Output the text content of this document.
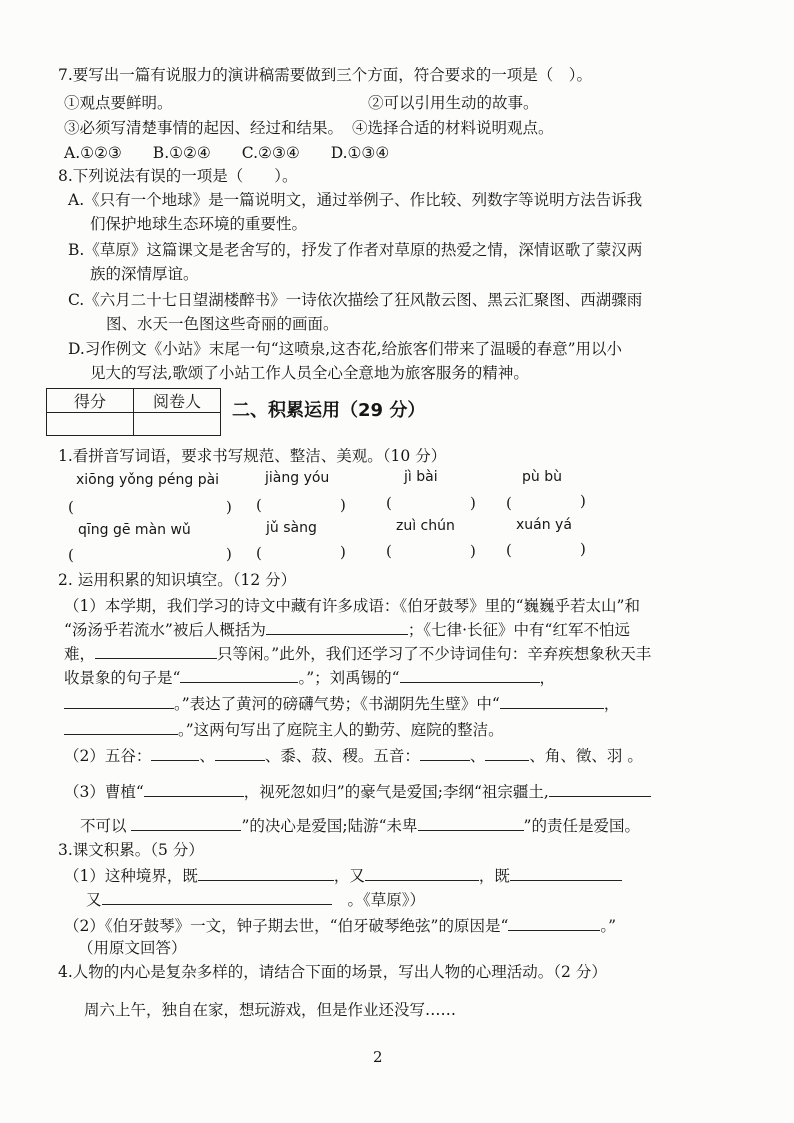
7.要写出一篇有说服力的演讲稿需要做到三个方面，符合要求的一项是（　）。
①观点要鲜明。	②可以引用生动的故事。
③必须写清楚事情的起因、经过和结果。 ④选择合适的材料说明观点。
A.①②③　　B.①②④　　C.②③④　　D.①③④
8.下列说法有误的一项是（　　）。
A.《只有一个地球》是一篇说明文，通过举例子、作比较、列数字等说明方法告诉我
们保护地球生态环境的重要性。
B.《草原》这篇课文是老舍写的，抒发了作者对草原的热爱之情，深情讴歌了蒙汉两
族的深情厚谊。
C.《六月二十七日望湖楼醉书》一诗依次描绘了狂风散云图、黑云汇聚图、西湖骤雨
图、水天一色图这些奇丽的画面。
D.习作例文《小站》末尾一句“这喷泉,这杏花,给旅客们带来了温暖的春意”用以小
见大的写法,歌颂了小站工作人员全心全意地为旅客服务的精神。
得分	阅卷人
	二、积累运用（29 分）
1.看拼音写词语，要求书写规范、整洁、美观。（10 分）
xiōng yǒng péng pài	jiàng yóu	jì bài	pù bù
(	) (	)	(	) (	)
qīng gē màn wǔ	jǔ sàng	zuì chún	xuán yá
(	) (	)	(	) (	)
2. 运用积累的知识填空。（12 分）
（1）本学期，我们学习的诗文中藏有许多成语：《伯牙鼓琴》里的“巍巍乎若太山”和
“汤汤乎若流水”被后人概括为	；《七律·长征》中有“红军不怕远
难，	只等闲。”此外，我们还学习了不少诗词佳句：辛弃疾想象秋天丰
收景象的句子是“	。”；刘禹锡的“	，
。”表达了黄河的磅礴气势；《书湖阴先生壁》中“	，
。”这两句写出了庭院主人的勤劳、庭院的整洁。
（2）五谷：	、	、黍、菽、稷。五音：	、	、角、徵、羽 。
（3）曹植“	，视死忽如归”的豪气是爱国;李纲“祖宗疆土,
不可以	”的决心是爱国;陆游“未卑	”的责任是爱国。
3.课文积累。（5 分）
（1）这种境界，既	，又	，既
又	。《草原》）
（2）《伯牙鼓琴》一文，钟子期去世，“伯牙破琴绝弦”的原因是“	。”
（用原文回答）
4.人物的内心是复杂多样的，请结合下面的场景，写出人物的心理活动。（2 分）
周六上午，独自在家，想玩游戏，但是作业还没写……
2
